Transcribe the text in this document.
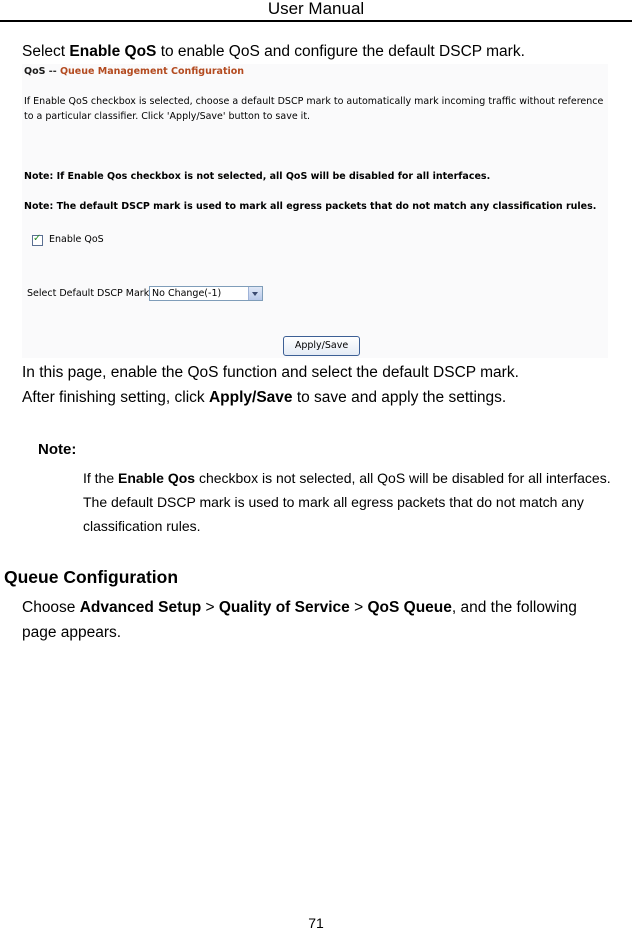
User Manual
Select Enable QoS to enable QoS and configure the default DSCP mark.
QoS -- Queue Management Configuration
If Enable QoS checkbox is selected, choose a default DSCP mark to automatically mark incoming traffic without reference to a particular classifier. Click 'Apply/Save' button to save it.
Note: If Enable Qos checkbox is not selected, all QoS will be disabled for all interfaces.
Note: The default DSCP mark is used to mark all egress packets that do not match any classification rules.
✓ Enable QoS
Select Default DSCP Mark No Change(-1)
Apply/Save
In this page, enable the QoS function and select the default DSCP mark.
After finishing setting, click Apply/Save to save and apply the settings.
Note:
If the Enable Qos checkbox is not selected, all QoS will be disabled for all interfaces. The default DSCP mark is used to mark all egress packets that do not match any classification rules.
Queue Configuration
Choose Advanced Setup > Quality of Service > QoS Queue, and the following
page appears.
71
